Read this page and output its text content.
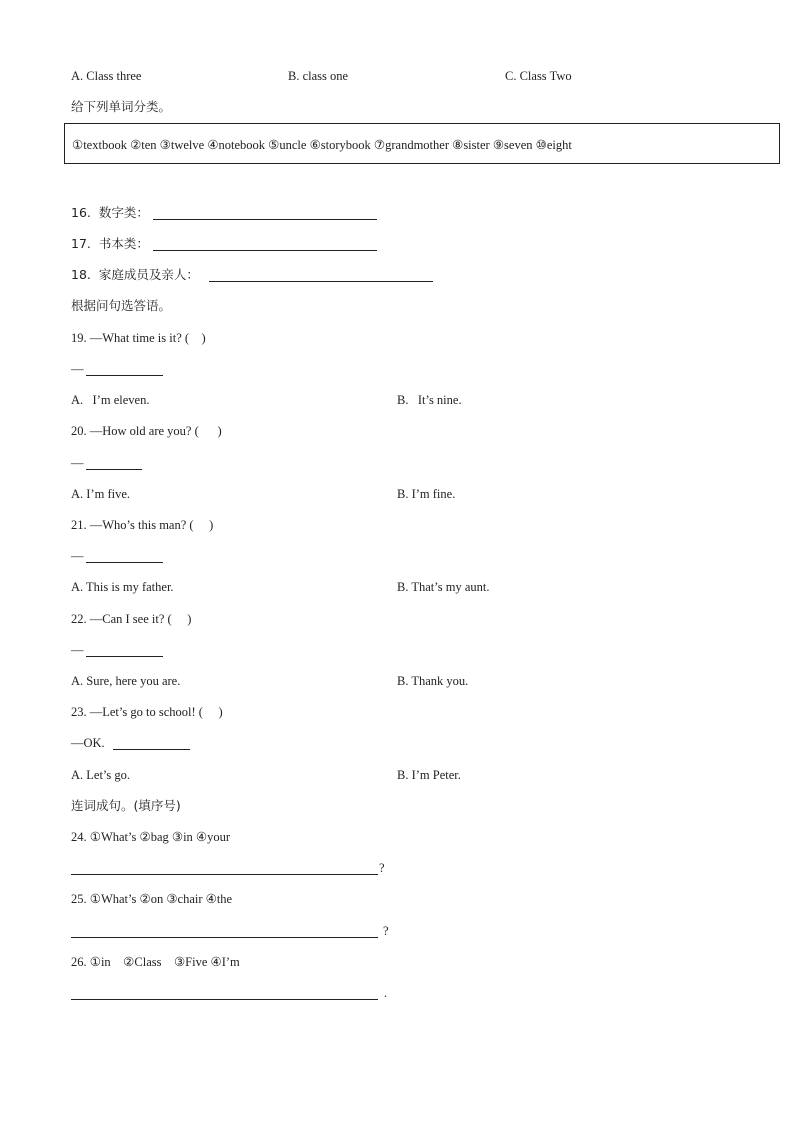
A. Class three	B. class one	C. Class Two
给下列单词分类。
①textbook ②ten ③twelve ④notebook ⑤uncle ⑥storybook ⑦grandmother ⑧sister ⑨seven ⑩eight
16.  数字类：
17.  书本类：
18.  家庭成员及亲人：
根据问句选答语。
19. —What time is it? (    )
—
A.   I’m eleven.	B.   It’s nine.
20. —How old are you? (      )
—
A. I’m five.	B. I’m fine.
21. —Who’s this man? (     )
—
A. This is my father.	B. That’s my aunt.
22. —Can I see it? (     )
—
A. Sure, here you are.	B. Thank you.
23. —Let’s go to school! (     )
—OK.
A. Let’s go.	B. I’m Peter.
连词成句。(填序号)
24. ①What’s ②bag ③in ④your
?
25. ①What’s ②on ③chair ④the
?
26. ①in    ②Class    ③Five ④I’m
.
